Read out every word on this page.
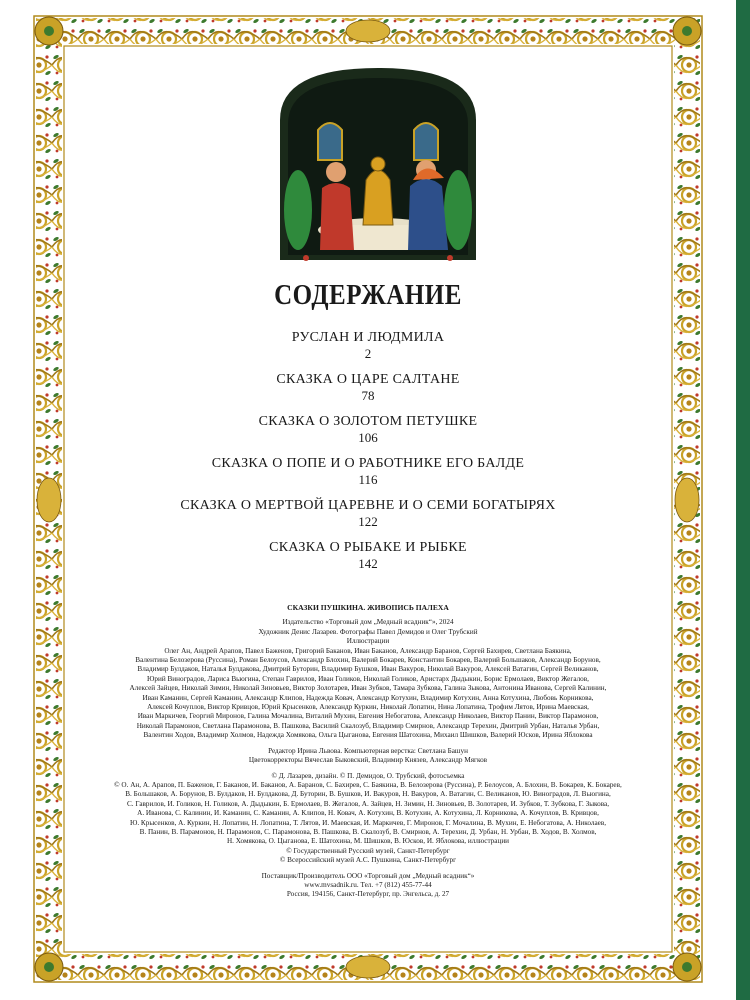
СОДЕРЖАНИЕ
РУСЛАН И ЛЮДМИЛА
2
СКАЗКА О ЦАРЕ САЛТАНЕ
78
СКАЗКА О ЗОЛОТОМ ПЕТУШКЕ
106
СКАЗКА О ПОПЕ И О РАБОТНИКЕ ЕГО БАЛДЕ
116
СКАЗКА О МЕРТВОЙ ЦАРЕВНЕ И О СЕМИ БОГАТЫРЯХ
122
СКАЗКА О РЫБАКЕ И РЫБКЕ
142

СКАЗКИ ПУШКИНА. ЖИВОПИСЬ ПАЛЕХА

Издательство «Торговый дом „Медный всадник“», 2024

Художник Денис Лазарев. Фотографы Павел Демидов и Олег Трубский

Иллюстрации

Олег Ан, Андрей Арапов, Павел Баженов, Григорий Баканов, Иван Баканов, Александр Баранов, Сергей Бахирев, Светлана Баякина,

Валентина Белозерова (Руссина), Роман Белоусов, Александр Блохин, Валерий Бокарев, Константин Бокарев, Валерий Большаков, Александр Борунов,

Владимир Булдаков, Наталья Булдакова, Дмитрий Буторин, Владимир Бушков, Иван Вакуров, Николай Вакуров, Алексей Ватагин, Сергей Великанов,

Юрий Виноградов, Лариса Вьюгина, Степан Гаврилов, Иван Голиков, Николай Голиков, Аристарх Дыдыкин, Борис Ермолаев, Виктор Жегалов,

Алексей Зайцев, Николай Зимин, Николай Зиновьев, Виктор Золотарев, Иван Зубков, Тамара Зубкова, Галина Зыкова, Антонина Иванова, Сергей Калинин,

Иван Каманин, Сергей Каманин, Александр Клипов, Надежда Ковач, Александр Котухин, Владимир Котухин, Анна Котухина, Любовь Корникова,

Алексей Кочуплов, Виктор Кривцов, Юрий Крысенков, Александр Куркин, Николай Лопатин, Нина Лопатина, Трофим Лятов, Ирина Маевская,

Иван Маркичев, Георгий Миронов, Галина Мочалина, Виталий Мухин, Евгения Небогатова, Александр Николаев, Виктор Панин, Виктор Парамонов,

Николай Парамонов, Светлана Парамонова, В. Пашкова, Василий Скалозуб, Владимир Смирнов, Александр Терехин, Дмитрий Урбан, Наталья Урбан,

Валентин Ходов, Владимир Холмов, Надежда Хомякова, Ольга Цыганова, Евгения Шатохина, Михаил Шишков, Валерий Юсков, Ирина Яблокова

Редактор Ирина Львова. Компьютерная верстка: Светлана Башун

Цветокорректоры Вячеслав Быковский, Владимир Князев, Александр Мягков

© Д. Лазарев, дизайн. © П. Демидов, О. Трубский, фотосъемка

© О. Ан, А. Арапов, П. Баженов, Г. Баканов, И. Баканов, А. Баранов, С. Бахирев, С. Баякина, В. Белозерова (Руссина), Р. Белоусов, А. Блохин, В. Бокарев, К. Бокарев,

В. Большаков, А. Борунов, В. Булдаков, Н. Булдакова, Д. Буторин, В. Бушков, И. Вакуров, Н. Вакуров, А. Ватагин, С. Великанов, Ю. Виноградов, Л. Вьюгина,

С. Гаврилов, И. Голиков, Н. Голиков, А. Дыдыкин, Б. Ермолаев, В. Жегалов, А. Зайцев, Н. Зимин, Н. Зиновьев, В. Золотарев, И. Зубков, Т. Зубкова, Г. Зыкова,

А. Иванова, С. Калинин, И. Каманин, С. Каманин, А. Клипов, Н. Ковач, А. Котухин, В. Котухин, А. Котухина, Л. Корникова, А. Кочуплов, В. Кривцов,

Ю. Крысенков, А. Куркин, Н. Лопатин, Н. Лопатина, Т. Лятов, И. Маевская, И. Маркичев, Г. Миронов, Г. Мочалина, В. Мухин, Е. Небогатова, А. Николаев,

В. Панин, В. Парамонов, Н. Парамонов, С. Парамонова, В. Пашкова, В. Скалозуб, В. Смирнов, А. Терехин, Д. Урбан, Н. Урбан, В. Ходов, В. Холмов,

Н. Хомякова, О. Цыганова, Е. Шатохина, М. Шишков, В. Юсков, И. Яблокова, иллюстрации

© Государственный Русский музей, Санкт-Петербург

© Всероссийский музей А.С. Пушкина, Санкт-Петербург

Поставщик/Производитель ООО «Торговый дом „Медный всадник“»

www.mvsadnik.ru. Тел. +7 (812) 455-77-44

Россия, 194156, Санкт-Петербург, пр. Энгельса, д. 27
